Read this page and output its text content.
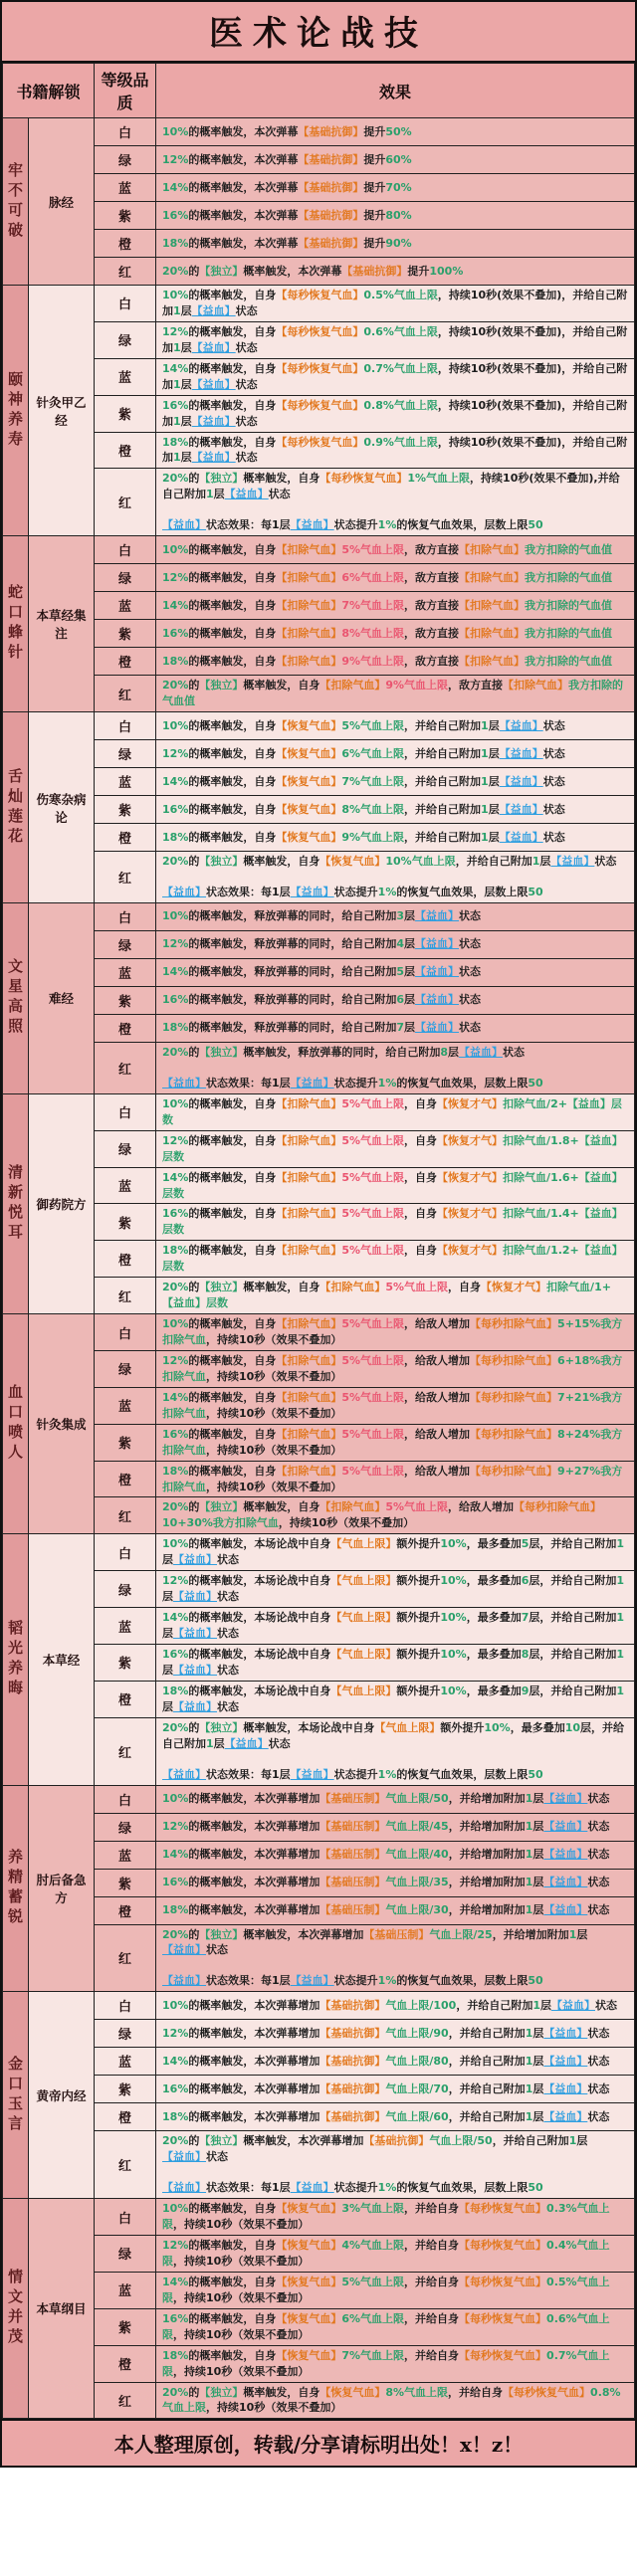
医术论战技
书籍解锁		等级品质	效果
牢不可破	脉经	白	10%的概率触发，本次弹幕【基础抗御】提升50%

		绿	12%的概率触发，本次弹幕【基础抗御】提升60%

		蓝	14%的概率触发，本次弹幕【基础抗御】提升70%

		紫	16%的概率触发，本次弹幕【基础抗御】提升80%

		橙	18%的概率触发，本次弹幕【基础抗御】提升90%

		红	20%的【独立】概率触发，本次弹幕【基础抗御】提升100%

颐神养寿	针灸甲乙经	白	10%的概率触发，自身【每秒恢复气血】0.5%气血上限，持续10秒(效果不叠加)，并给自己附加1层【益血】状态

		绿	12%的概率触发，自身【每秒恢复气血】0.6%气血上限，持续10秒(效果不叠加)，并给自己附加1层【益血】状态

		蓝	14%的概率触发，自身【每秒恢复气血】0.7%气血上限，持续10秒(效果不叠加)，并给自己附加1层【益血】状态

		紫	16%的概率触发，自身【每秒恢复气血】0.8%气血上限，持续10秒(效果不叠加)，并给自己附加1层【益血】状态

		橙	18%的概率触发，自身【每秒恢复气血】0.9%气血上限，持续10秒(效果不叠加)，并给自己附加1层【益血】状态

		红	20%的【独立】概率触发，自身【每秒恢复气血】1%气血上限，持续10秒(效果不叠加),并给自己附加1层【益血】状态
【益血】状态效果：每1层【益血】状态提升1%的恢复气血效果，层数上限50

蛇口蜂针	本草经集注	白	10%的概率触发，自身【扣除气血】5%气血上限，敌方直接【扣除气血】我方扣除的气血值

		绿	12%的概率触发，自身【扣除气血】6%气血上限，敌方直接【扣除气血】我方扣除的气血值

		蓝	14%的概率触发，自身【扣除气血】7%气血上限，敌方直接【扣除气血】我方扣除的气血值

		紫	16%的概率触发，自身【扣除气血】8%气血上限，敌方直接【扣除气血】我方扣除的气血值

		橙	18%的概率触发，自身【扣除气血】9%气血上限，敌方直接【扣除气血】我方扣除的气血值

		红	20%的【独立】概率触发，自身【扣除气血】9%气血上限，敌方直接【扣除气血】我方扣除的气血值

舌灿莲花	伤寒杂病论	白	10%的概率触发，自身【恢复气血】5%气血上限，并给自己附加1层【益血】状态

		绿	12%的概率触发，自身【恢复气血】6%气血上限，并给自己附加1层【益血】状态

		蓝	14%的概率触发，自身【恢复气血】7%气血上限，并给自己附加1层【益血】状态

		紫	16%的概率触发，自身【恢复气血】8%气血上限，并给自己附加1层【益血】状态

		橙	18%的概率触发，自身【恢复气血】9%气血上限，并给自己附加1层【益血】状态

		红	20%的【独立】概率触发，自身【恢复气血】10%气血上限，并给自己附加1层【益血】状态
【益血】状态效果：每1层【益血】状态提升1%的恢复气血效果，层数上限50

文星高照	难经	白	10%的概率触发，释放弹幕的同时，给自己附加3层【益血】状态

		绿	12%的概率触发，释放弹幕的同时，给自己附加4层【益血】状态

		蓝	14%的概率触发，释放弹幕的同时，给自己附加5层【益血】状态

		紫	16%的概率触发，释放弹幕的同时，给自己附加6层【益血】状态

		橙	18%的概率触发，释放弹幕的同时，给自己附加7层【益血】状态

		红	20%的【独立】概率触发，释放弹幕的同时，给自己附加8层【益血】状态
【益血】状态效果：每1层【益血】状态提升1%的恢复气血效果，层数上限50

清新悦耳	御药院方	白	10%的概率触发，自身【扣除气血】5%气血上限，自身【恢复才气】扣除气血/2+【益血】层数

		绿	12%的概率触发，自身【扣除气血】5%气血上限，自身【恢复才气】扣除气血/1.8+【益血】层数

		蓝	14%的概率触发，自身【扣除气血】5%气血上限，自身【恢复才气】扣除气血/1.6+【益血】层数

		紫	16%的概率触发，自身【扣除气血】5%气血上限，自身【恢复才气】扣除气血/1.4+【益血】层数

		橙	18%的概率触发，自身【扣除气血】5%气血上限，自身【恢复才气】扣除气血/1.2+【益血】层数

		红	20%的【独立】概率触发，自身【扣除气血】5%气血上限，自身【恢复才气】扣除气血/1+【益血】层数

血口喷人	针灸集成	白	10%的概率触发，自身【扣除气血】5%气血上限，给敌人增加【每秒扣除气血】5+15%我方扣除气血，持续10秒（效果不叠加）

		绿	12%的概率触发，自身【扣除气血】5%气血上限，给敌人增加【每秒扣除气血】6+18%我方扣除气血，持续10秒（效果不叠加）

		蓝	14%的概率触发，自身【扣除气血】5%气血上限，给敌人增加【每秒扣除气血】7+21%我方扣除气血，持续10秒（效果不叠加）

		紫	16%的概率触发，自身【扣除气血】5%气血上限，给敌人增加【每秒扣除气血】8+24%我方扣除气血，持续10秒（效果不叠加）

		橙	18%的概率触发，自身【扣除气血】5%气血上限，给敌人增加【每秒扣除气血】9+27%我方扣除气血，持续10秒（效果不叠加）

		红	20%的【独立】概率触发，自身【扣除气血】5%气血上限，给敌人增加【每秒扣除气血】10+30%我方扣除气血，持续10秒（效果不叠加）

韬光养晦	本草经	白	10%的概率触发，本场论战中自身【气血上限】额外提升10%，最多叠加5层，并给自己附加1层【益血】状态

		绿	12%的概率触发，本场论战中自身【气血上限】额外提升10%，最多叠加6层，并给自己附加1层【益血】状态

		蓝	14%的概率触发，本场论战中自身【气血上限】额外提升10%，最多叠加7层，并给自己附加1层【益血】状态

		紫	16%的概率触发，本场论战中自身【气血上限】额外提升10%，最多叠加8层，并给自己附加1层【益血】状态

		橙	18%的概率触发，本场论战中自身【气血上限】额外提升10%，最多叠加9层，并给自己附加1层【益血】状态

		红	20%的【独立】概率触发，本场论战中自身【气血上限】额外提升10%，最多叠加10层，并给自己附加1层【益血】状态
【益血】状态效果：每1层【益血】状态提升1%的恢复气血效果，层数上限50

养精蓄锐	肘后备急方	白	10%的概率触发，本次弹幕增加【基础压制】气血上限/50，并给增加附加1层【益血】状态

		绿	12%的概率触发，本次弹幕增加【基础压制】气血上限/45，并给增加附加1层【益血】状态

		蓝	14%的概率触发，本次弹幕增加【基础压制】气血上限/40，并给增加附加1层【益血】状态

		紫	16%的概率触发，本次弹幕增加【基础压制】气血上限/35，并给增加附加1层【益血】状态

		橙	18%的概率触发，本次弹幕增加【基础压制】气血上限/30，并给增加附加1层【益血】状态

		红	20%的【独立】概率触发，本次弹幕增加【基础压制】气血上限/25，并给增加附加1层【益血】状态
【益血】状态效果：每1层【益血】状态提升1%的恢复气血效果，层数上限50

金口玉言	黄帝内经	白	10%的概率触发，本次弹幕增加【基础抗御】气血上限/100，并给自己附加1层【益血】状态

		绿	12%的概率触发，本次弹幕增加【基础抗御】气血上限/90，并给自己附加1层【益血】状态

		蓝	14%的概率触发，本次弹幕增加【基础抗御】气血上限/80，并给自己附加1层【益血】状态

		紫	16%的概率触发，本次弹幕增加【基础抗御】气血上限/70，并给自己附加1层【益血】状态

		橙	18%的概率触发，本次弹幕增加【基础抗御】气血上限/60，并给自己附加1层【益血】状态

		红	20%的【独立】概率触发，本次弹幕增加【基础抗御】气血上限/50，并给自己附加1层【益血】状态
【益血】状态效果：每1层【益血】状态提升1%的恢复气血效果，层数上限50

情文并茂	本草纲目	白	10%的概率触发，自身【恢复气血】3%气血上限，并给自身【每秒恢复气血】0.3%气血上限，持续10秒（效果不叠加）

		绿	12%的概率触发，自身【恢复气血】4%气血上限，并给自身【每秒恢复气血】0.4%气血上限，持续10秒（效果不叠加）

		蓝	14%的概率触发，自身【恢复气血】5%气血上限，并给自身【每秒恢复气血】0.5%气血上限，持续10秒（效果不叠加）

		紫	16%的概率触发，自身【恢复气血】6%气血上限，并给自身【每秒恢复气血】0.6%气血上限，持续10秒（效果不叠加）

		橙	18%的概率触发，自身【恢复气血】7%气血上限，并给自身【每秒恢复气血】0.7%气血上限，持续10秒（效果不叠加）

		红	20%的【独立】概率触发，自身【恢复气血】8%气血上限，并给自身【每秒恢复气血】0.8%气血上限，持续10秒（效果不叠加）
本人整理原创，转载/分享请标明出处！x！z！
